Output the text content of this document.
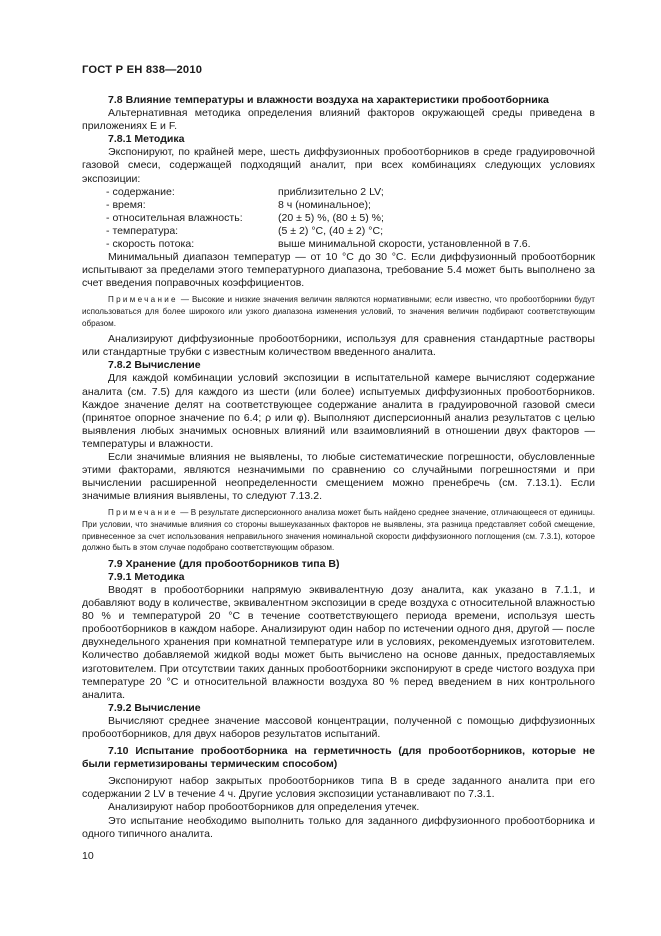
ГОСТ Р ЕН 838—2010

7.8 Влияние температуры и влажности воздуха на характеристики пробоотборника

Альтернативная методика определения влияний факторов окружающей среды приведена в приложениях Е и F.

7.8.1 Методика

Экспонируют, по крайней мере, шесть диффузионных пробоотборников в среде градуировочной газовой смеси, содержащей подходящий аналит, при всех комбинациях следующих условиях экспозиции:

- содержание:	приблизительно 2 LV;
- время:	8 ч (номинальное);
- относительная влажность:	(20 ± 5) %, (80 ± 5) %;
- температура:	(5 ± 2) °С, (40 ± 2) °С;
- скорость потока:	выше минимальной скорости, установленной в 7.6.

Минимальный диапазон температур — от 10 °С до 30 °С. Если диффузионный пробоотборник испытывают за пределами этого температурного диапазона, требование 5.4 может быть выполнено за счет введения поправочных коэффициентов.

Примечание — Высокие и низкие значения величин являются нормативными; если известно, что пробоотборники будут использоваться для более широкого или узкого диапазона изменения условий, то значения величин подбирают соответствующим образом.

Анализируют диффузионные пробоотборники, используя для сравнения стандартные растворы или стандартные трубки с известным количеством введенного аналита.

7.8.2 Вычисление

Для каждой комбинации условий экспозиции в испытательной камере вычисляют содержание аналита (см. 7.5) для каждого из шести (или более) испытуемых диффузионных пробоотборников. Каждое значение делят на соответствующее содержание аналита в градуировочной газовой смеси (принятое опорное значение по 6.4; ρ или φ). Выполняют дисперсионный анализ результатов с целью выявления любых значимых основных влияний или взаимовлияний в отношении двух факторов — температуры и влажности.

Если значимые влияния не выявлены, то любые систематические погрешности, обусловленные этими факторами, являются незначимыми по сравнению со случайными погрешностями и при вычислении расширенной неопределенности смещением можно пренебречь (см. 7.13.1). Если значимые влияния выявлены, то следуют 7.13.2.

Примечание — В результате дисперсионного анализа может быть найдено среднее значение, отличающееся от единицы. При условии, что значимые влияния со стороны вышеуказанных факторов не выявлены, эта разница представляет собой смещение, привнесенное за счет использования неправильного значения номинальной скорости диффузионного поглощения (см. 7.3.1), которое должно быть в этом случае подобрано соответствующим образом.

7.9 Хранение (для пробоотборников типа В)

7.9.1 Методика

Вводят в пробоотборники напрямую эквивалентную дозу аналита, как указано в 7.1.1, и добавляют воду в количестве, эквивалентном экспозиции в среде воздуха с относительной влажностью 80 % и температурой 20 °С в течение соответствующего периода времени, используя шесть пробоотборников в каждом наборе. Анализируют один набор по истечении одного дня, другой — после двухнедельного хранения при комнатной температуре или в условиях, рекомендуемых изготовителем. Количество добавляемой жидкой воды может быть вычислено на основе данных, предоставляемых изготовителем. При отсутствии таких данных пробоотборники экспонируют в среде чистого воздуха при температуре 20 °С и относительной влажности воздуха 80 % перед введением в них контрольного аналита.

7.9.2 Вычисление

Вычисляют среднее значение массовой концентрации, полученной с помощью диффузионных пробоотборников, для двух наборов результатов испытаний.

7.10 Испытание пробоотборника на герметичность (для пробоотборников, которые не были герметизированы термическим способом)

Экспонируют набор закрытых пробоотборников типа В в среде заданного аналита при его содержании 2 LV в течение 4 ч. Другие условия экспозиции устанавливают по 7.3.1.

Анализируют набор пробоотборников для определения утечек.

Это испытание необходимо выполнить только для заданного диффузионного пробоотборника и одного типичного аналита.

10
